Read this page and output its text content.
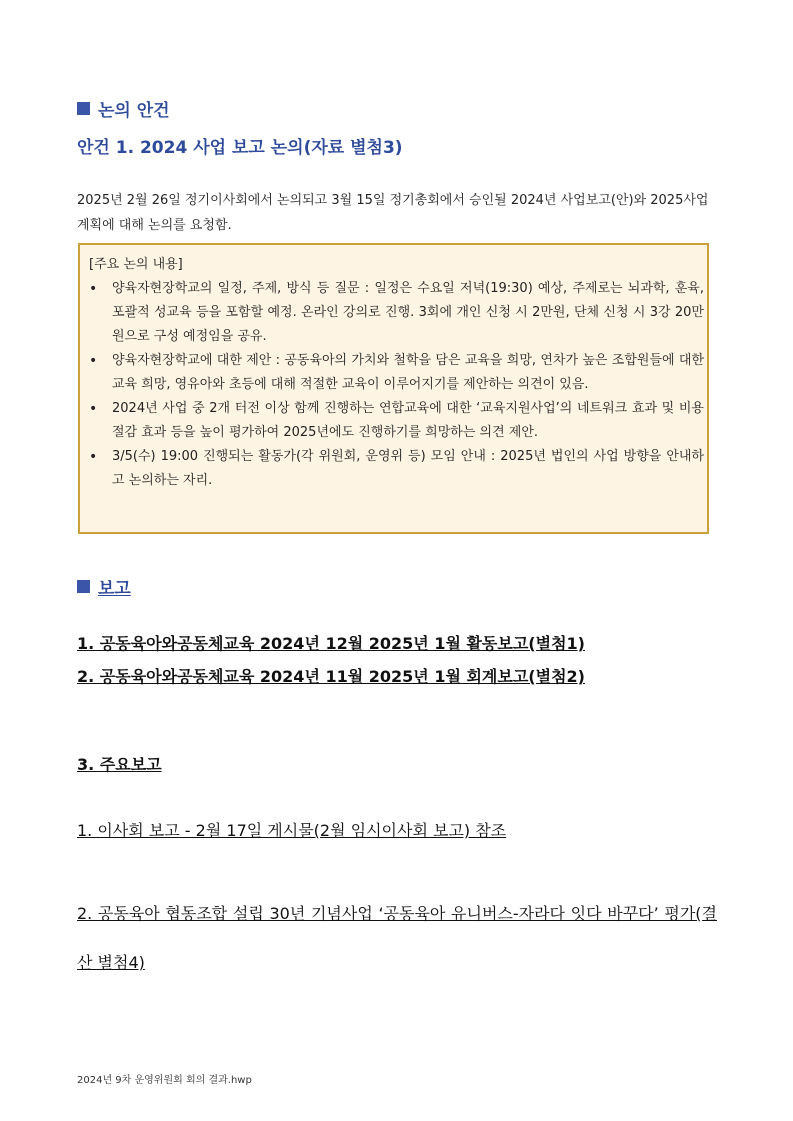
논의 안건
안건 1. 2024 사업 보고 논의(자료 별첨3)
2025년 2월 26일 정기이사회에서 논의되고 3월 15일 정기총회에서 승인될 2024년 사업보고(안)와 2025사업계획에 대해 논의를 요청함.
[주요 논의 내용]
• 양육자현장학교의 일정, 주제, 방식 등 질문 : 일정은 수요일 저녁(19:30) 예상, 주제로는 뇌과학, 훈육, 포괄적 성교육 등을 포함할 예정. 온라인 강의로 진행. 3회에 개인 신청 시 2만원, 단체 신청 시 3강 20만원으로 구성 예정임을 공유.
• 양육자현장학교에 대한 제안 : 공동육아의 가치와 철학을 담은 교육을 희망, 연차가 높은 조합원들에 대한 교육 희망, 영유아와 초등에 대해 적절한 교육이 이루어지기를 제안하는 의견이 있음.
• 2024년 사업 중 2개 터전 이상 함께 진행하는 연합교육에 대한 ‘교육지원사업’의 네트워크 효과 및 비용 절감 효과 등을 높이 평가하여 2025년에도 진행하기를 희망하는 의견 제안.
• 3/5(수) 19:00 진행되는 활동가(각 위원회, 운영위 등) 모임 안내 : 2025년 법인의 사업 방향을 안내하고 논의하는 자리.
보고
1. 공동육아와공동체교육 2024년 12월 2025년 1월 활동보고(별첨1)
2. 공동육아와공동체교육 2024년 11월 2025년 1월 회계보고(별첨2)
3. 주요보고
1. 이사회 보고 - 2월 17일 게시물(2월 임시이사회 보고) 참조
2. 공동육아 협동조합 설립 30년 기념사업 ‘공동육아 유니버스-자라다 잇다 바꾸다’ 평가(결산 별첨4)
2024년 9차 운영위원회 회의 결과.hwp
